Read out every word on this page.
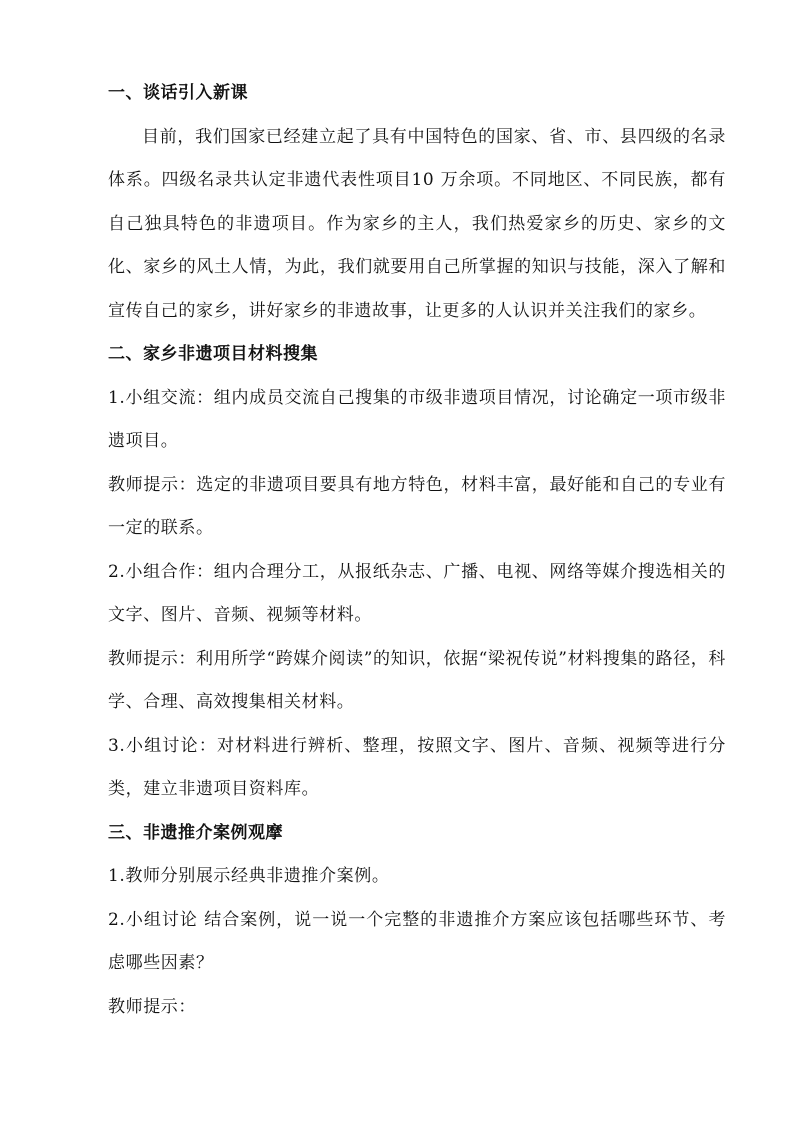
一、谈话引入新课
目前，我们国家已经建立起了具有中国特色的国家、省、市、县四级的名录体系。四级名录共认定非遗代表性项目10 万余项。不同地区、不同民族，都有自己独具特色的非遗项目。作为家乡的主人，我们热爱家乡的历史、家乡的文化、家乡的风土人情，为此，我们就要用自己所掌握的知识与技能，深入了解和宣传自己的家乡，讲好家乡的非遗故事，让更多的人认识并关注我们的家乡。
二、家乡非遗项目材料搜集
1.小组交流：组内成员交流自己搜集的市级非遗项目情况，讨论确定一项市级非遗项目。
教师提示：选定的非遗项目要具有地方特色，材料丰富，最好能和自己的专业有一定的联系。
2.小组合作：组内合理分工，从报纸杂志、广播、电视、网络等媒介搜选相关的文字、图片、音频、视频等材料。
教师提示：利用所学“跨媒介阅读”的知识，依据“梁祝传说”材料搜集的路径，科学、合理、高效搜集相关材料。
3.小组讨论：对材料进行辨析、整理，按照文字、图片、音频、视频等进行分类，建立非遗项目资料库。
三、非遗推介案例观摩
1.教师分别展示经典非遗推介案例。
2.小组讨论 结合案例，说一说一个完整的非遗推介方案应该包括哪些环节、考虑哪些因素？
教师提示：
